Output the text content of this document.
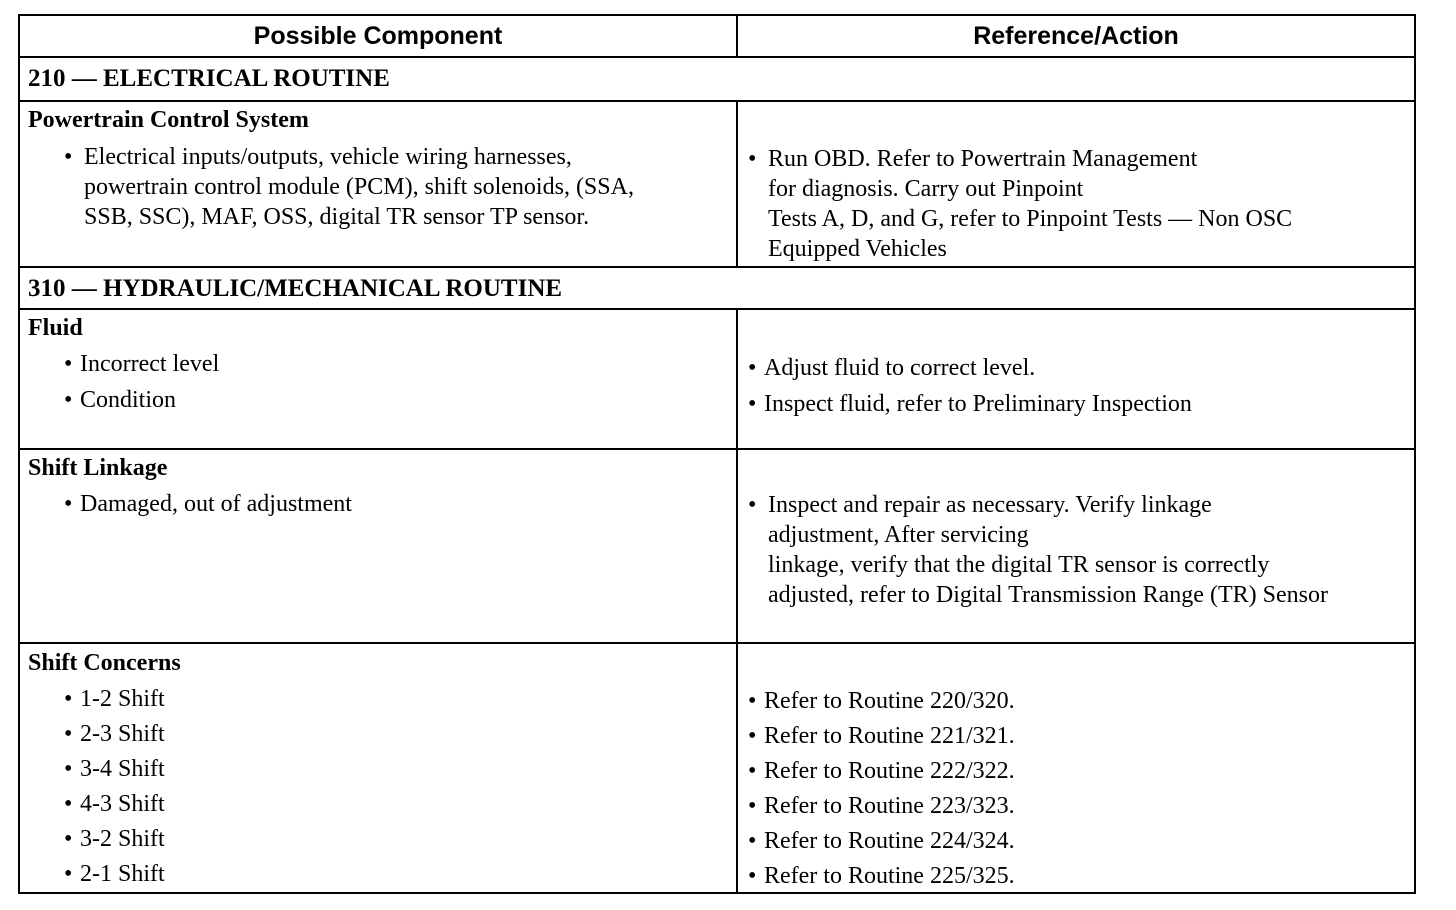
Possible Component	Reference/Action
210 — ELECTRICAL ROUTINE
Powertrain Control System
• Electrical inputs/outputs, vehicle wiring harnesses,
powertrain control module (PCM), shift solenoids, (SSA,
SSB, SSC), MAF, OSS, digital TR sensor TP sensor.
• Run OBD. Refer to Powertrain Management
for diagnosis. Carry out Pinpoint
Tests A, D, and G, refer to Pinpoint Tests — Non OSC
Equipped Vehicles
310 — HYDRAULIC/MECHANICAL ROUTINE
Fluid
• Incorrect level
• Condition
• Adjust fluid to correct level.
• Inspect fluid, refer to Preliminary Inspection
Shift Linkage
• Damaged, out of adjustment	• Inspect and repair as necessary. Verify linkage
adjustment, After servicing
linkage, verify that the digital TR sensor is correctly
adjusted, refer to Digital Transmission Range (TR) Sensor
Shift Concerns
• 1-2 Shift
• 2-3 Shift
• 3-4 Shift
• 4-3 Shift
• 3-2 Shift
• 2-1 Shift
• Refer to Routine 220/320.
• Refer to Routine 221/321.
• Refer to Routine 222/322.
• Refer to Routine 223/323.
• Refer to Routine 224/324.
• Refer to Routine 225/325.
